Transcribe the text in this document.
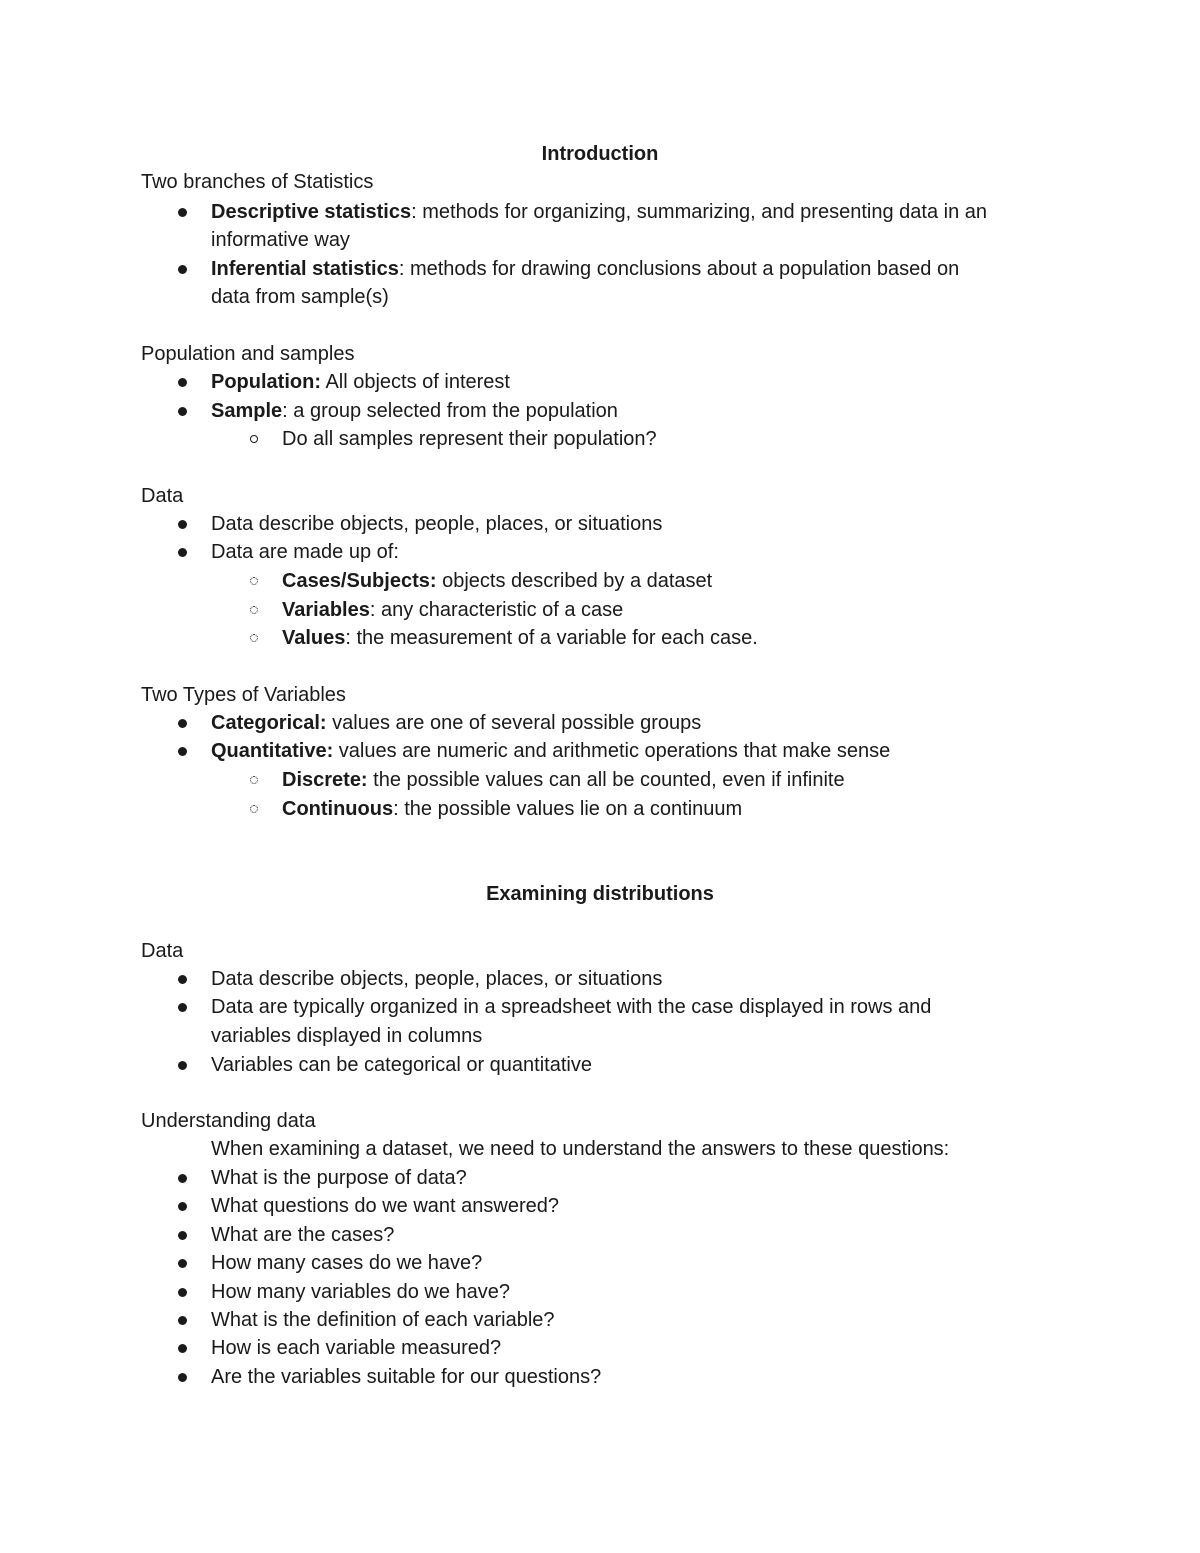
Introduction
Two branches of Statistics
Descriptive statistics: methods for organizing, summarizing, and presenting data in an
informative way
Inferential statistics: methods for drawing conclusions about a population based on
data from sample(s)
Population and samples
Population: All objects of interest
Sample: a group selected from the population
Do all samples represent their population?
Data
Data describe objects, people, places, or situations
Data are made up of:
Cases/Subjects: objects described by a dataset
Variables: any characteristic of a case
Values: the measurement of a variable for each case.
Two Types of Variables
Categorical: values are one of several possible groups
Quantitative: values are numeric and arithmetic operations that make sense
Discrete: the possible values can all be counted, even if infinite
Continuous: the possible values lie on a continuum
Examining distributions
Data
Data describe objects, people, places, or situations
Data are typically organized in a spreadsheet with the case displayed in rows and
variables displayed in columns
Variables can be categorical or quantitative
Understanding data
When examining a dataset, we need to understand the answers to these questions:
What is the purpose of data?
What questions do we want answered?
What are the cases?
How many cases do we have?
How many variables do we have?
What is the definition of each variable?
How is each variable measured?
Are the variables suitable for our questions?
